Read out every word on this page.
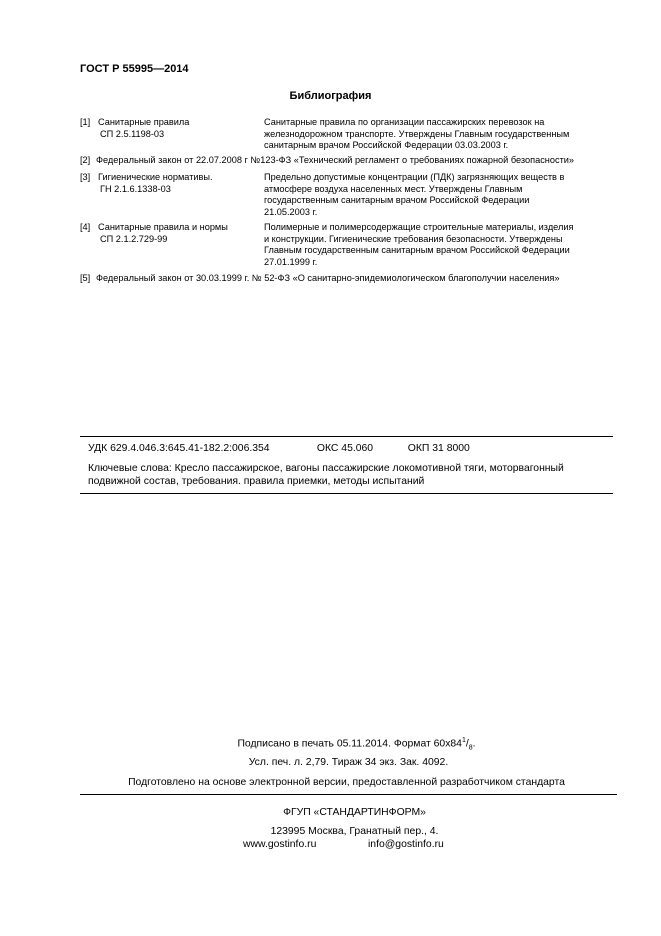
ГОСТ Р 55995—2014
Библиография
[1] Санитарные правила
СП 2.5.1198-03
Санитарные правила по организации пассажирских перевозок на
железнодорожном транспорте. Утверждены Главным государственным
санитарным врачом Российской Федерации 03.03.2003 г.
[2] Федеральный закон от 22.07.2008 г №123-ФЗ «Технический регламент о требованиях пожарной безопасности»
[3] Гигиенические нормативы.
ГН 2.1.6.1338-03
Предельно допустимые концентрации (ПДК) загрязняющих веществ в
атмосфере воздуха населенных мест. Утверждены Главным
государственным санитарным врачом Российской Федерации
21.05.2003 г.
[4] Санитарные правила и нормы
СП 2.1.2.729-99
Полимерные и полимерсодержащие строительные материалы, изделия
и конструкции. Гигиенические требования безопасности. Утверждены
Главным государственным санитарным врачом Российской Федерации
27.01.1999 г.
[5] Федеральный закон от 30.03.1999 г. № 52-ФЗ «О санитарно-эпидемиологическом благополучии населения»
УДК 629.4.046.3:645.41-182.2:006.354	ОКС 45.060	ОКП 31 8000
Ключевые слова: Кресло пассажирское, вагоны пассажирские локомотивной тяги, моторвагонный
подвижной состав, требования. правила приемки, методы испытаний
Подписано в печать 05.11.2014. Формат $60x84^1/_8$.
Усл. печ. л. 2,79. Тираж 34 экз. Зак. 4092.
Подготовлено на основе электронной версии, предоставленной разработчиком стандарта
ФГУП «СТАНДАРТИНФОРМ»
123995 Москва, Гранатный пер., 4.
www.gostinfo.ru	info@gostinfo.ru
